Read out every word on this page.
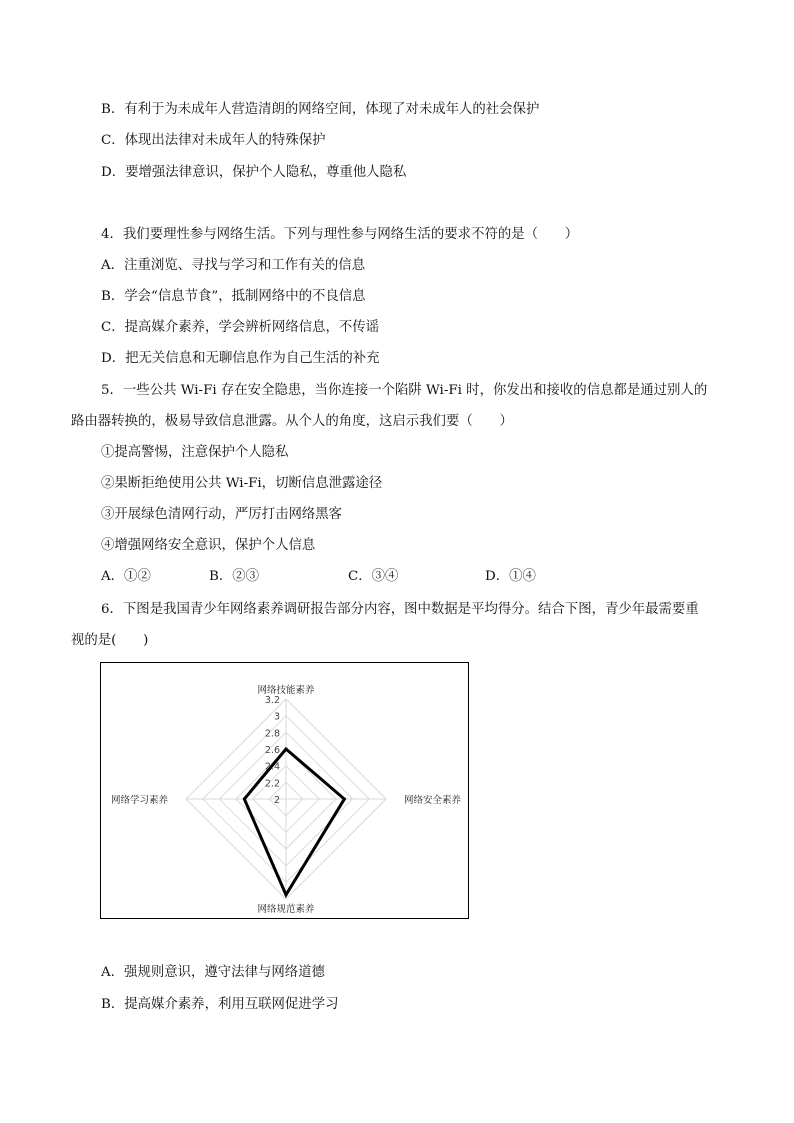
B．有利于为未成年人营造清朗的网络空间，体现了对未成年人的社会保护
C．体现出法律对未成年人的特殊保护
D．要增强法律意识，保护个人隐私，尊重他人隐私
4．我们要理性参与网络生活。下列与理性参与网络生活的要求不符的是（　　）
A．注重浏览、寻找与学习和工作有关的信息
B．学会“信息节食”，抵制网络中的不良信息
C．提高媒介素养，学会辨析网络信息，不传谣
D．把无关信息和无聊信息作为自己生活的补充
5．一些公共 Wi-Fi 存在安全隐患，当你连接一个陷阱 Wi-Fi 时，你发出和接收的信息都是通过别人的
路由器转换的，极易导致信息泄露。从个人的角度，这启示我们要（　　）
①提高警惕，注意保护个人隐私
②果断拒绝使用公共 Wi-Fi，切断信息泄露途径
③开展绿色清网行动，严厉打击网络黑客
④增强网络安全意识，保护个人信息
A．①②	B．②③	C．③④	D．①④
6．下图是我国青少年网络素养调研报告部分内容，图中数据是平均得分。结合下图，青少年最需要重
视的是(　　)
2
2.2
2.4
2.6
2.8
3
3.2
网络技能素养
网络安全素养
网络规范素养
网络学习素养
A．强规则意识，遵守法律与网络道德
B．提高媒介素养，利用互联网促进学习
